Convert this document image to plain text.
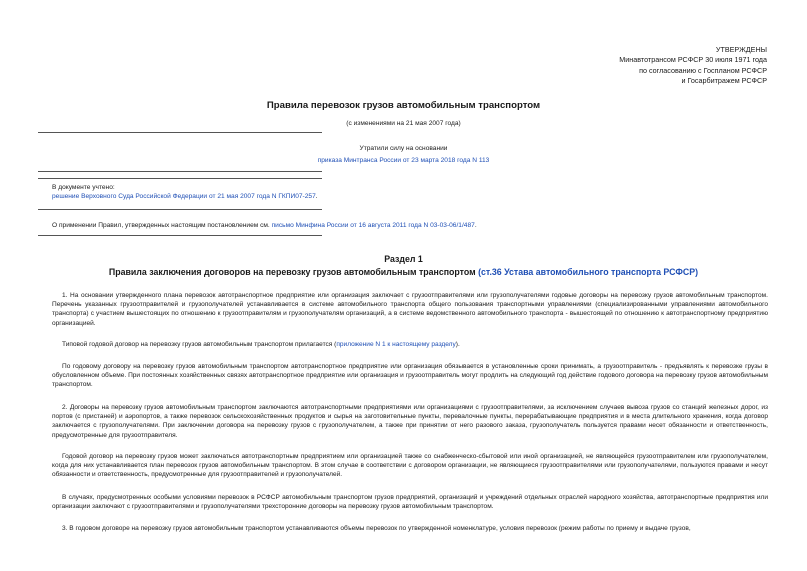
УТВЕРЖДЕНЫ
Минавтотрансом РСФСР 30 июля 1971 года
по согласованию с Госпланом РСФСР
и Госарбитражем РСФСР
Правила перевозок грузов автомобильным транспортом
(с изменениями на 21 мая 2007 года)
Утратили силу на основании
приказа Минтранса России от 23 марта 2018 года N 113
В документе учтено:
решение Верховного Суда Российской Федерации от 21 мая 2007 года N ГКПИ07-257.
О применении Правил, утвержденных настоящим постановлением см. письмо Минфина России от 16 августа 2011 года N 03-03-06/1/487.
Раздел 1
Правила заключения договоров на перевозку грузов автомобильным транспортом (ст.36 Устава автомобильного транспорта РСФСР)
1. На основании утвержденного плана перевозок автотранспортное предприятие или организация заключает с грузоотправителями или грузополучателями годовые договоры на перевозку грузов автомобильным транспортом. Перечень указанных грузоотправителей и грузополучателей устанавливается в системе автомобильного транспорта общего пользования транспортными управлениями (специализированными управлениями автомобильного транспорта) с участием вышестоящих по отношению к грузоотправителям и грузополучателям организаций, а в системе ведомственного автомобильного транспорта - вышестоящей по отношению к автотранспортному предприятию организацией.
Типовой годовой договор на перевозку грузов автомобильным транспортом прилагается (приложение N 1 к настоящему разделу).
По годовому договору на перевозку грузов автомобильным транспортом автотранспортное предприятие или организация обязывается в установленные сроки принимать, а грузоотправитель - предъявлять к перевозке грузы в обусловленном объеме. При постоянных хозяйственных связях автотранспортное предприятие или организация и грузоотправитель могут продлить на следующий год действие годового договора на перевозку грузов автомобильным транспортом.
2. Договоры на перевозку грузов автомобильным транспортом заключаются автотранспортными предприятиями или организациями с грузоотправителями, за исключением случаев вывоза грузов со станций железных дорог, из портов (с пристаней) и аэропортов, а также перевозок сельскохозяйственных продуктов и сырья на заготовительные пункты, перевалочные пункты, перерабатывающие предприятия и в места длительного хранения, когда договор заключается с грузополучателями. При заключении договора на перевозку грузов с грузополучателем, а также при принятии от него разового заказа, грузополучатель пользуется правами несет обязанности и ответственность, предусмотренные для грузоотправителя.
Годовой договор на перевозку грузов может заключаться автотранспортным предприятием или организацией также со снабженческо-сбытовой или иной организацией, не являющейся грузоотправителем или грузополучателем, когда для них устанавливается план перевозок грузов автомобильным транспортом. В этом случае в соответствии с договором организации, не являющиеся грузоотправителями или грузополучателями, пользуются правами и несут обязанности и ответственность, предусмотренные для грузоотправителей и грузополучателей.
В случаях, предусмотренных особыми условиями перевозок в РСФСР автомобильным транспортом грузов предприятий, организаций и учреждений отдельных отраслей народного хозяйства, автотранспортные предприятия или организации заключают с грузоотправителями и грузополучателями трехсторонние договоры на перевозку грузов автомобильным транспортом.
3. В годовом договоре на перевозку грузов автомобильным транспортом устанавливаются объемы перевозок по утвержденной номенклатуре, условия перевозок (режим работы по приему и выдаче грузов,
